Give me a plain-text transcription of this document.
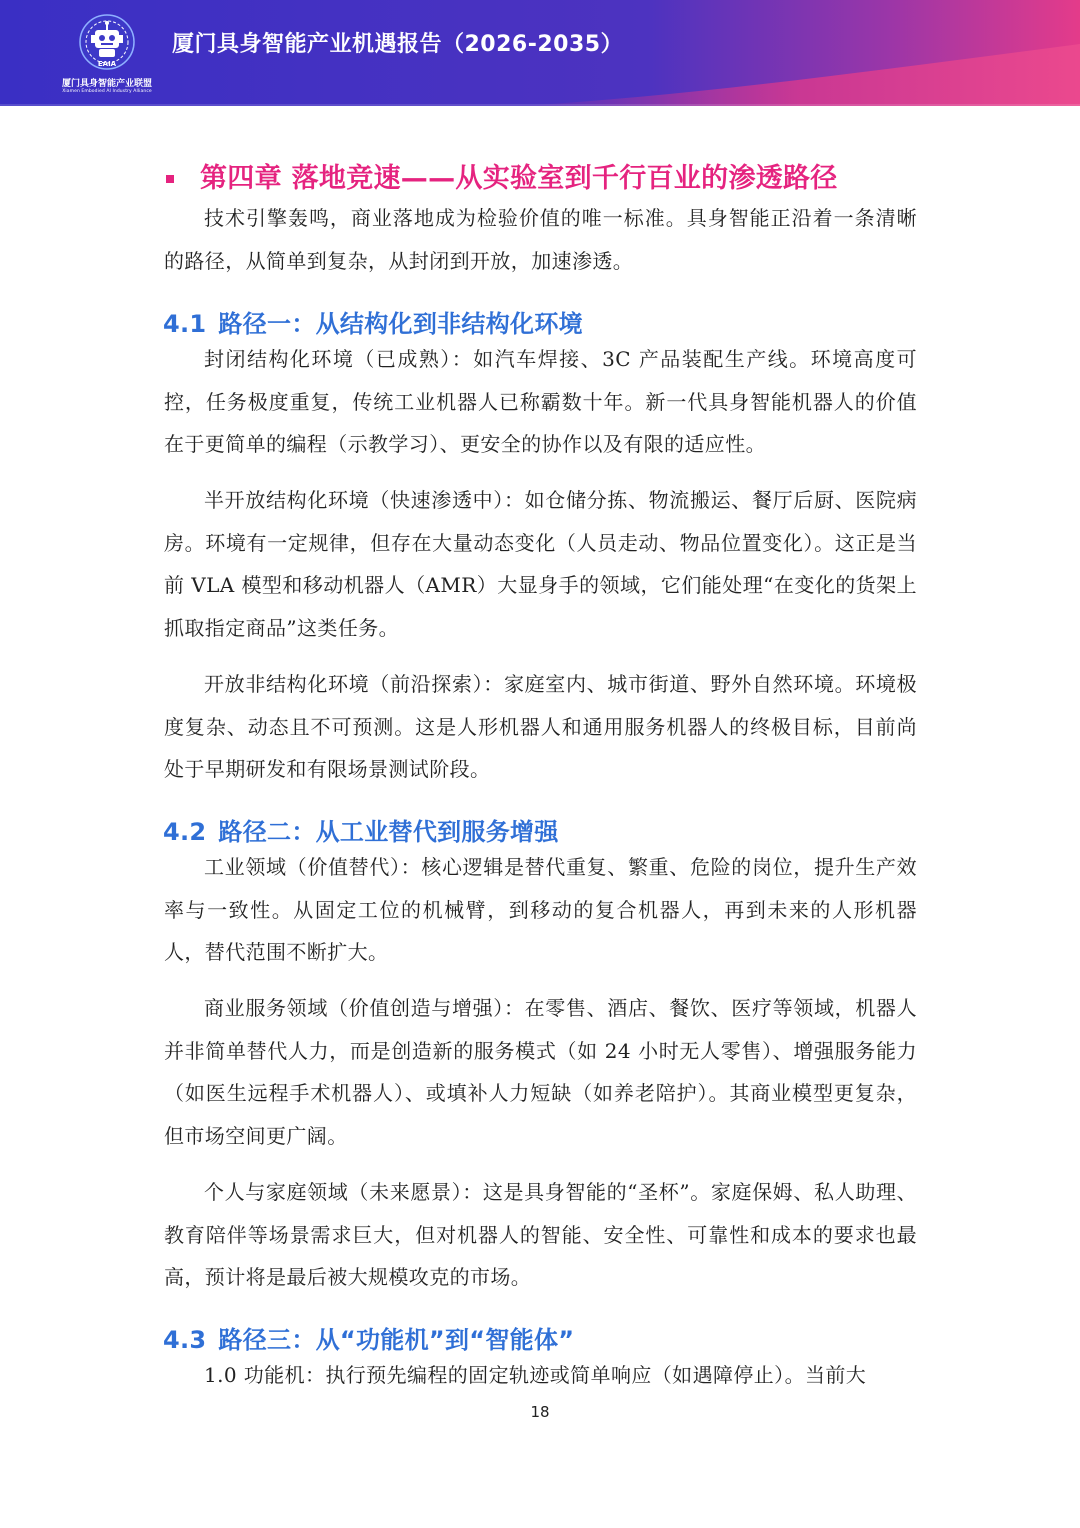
EAIA
厦门具身智能产业联盟
Xiamen Embodied AI Industry Alliance
厦门具身智能产业机遇报告（2026-2035）
第四章 落地竞速——从实验室到千行百业的渗透路径

技术引擎轰鸣，商业落地成为检验价值的唯一标准。具身智能正沿着一条清晰的路径，从简单到复杂，从封闭到开放，加速渗透。

4.1 路径一：从结构化到非结构化环境

封闭结构化环境（已成熟）：如汽车焊接、3C 产品装配生产线。环境高度可控，任务极度重复，传统工业机器人已称霸数十年。新一代具身智能机器人的价值在于更简单的编程（示教学习）、更安全的协作以及有限的适应性。

半开放结构化环境（快速渗透中）：如仓储分拣、物流搬运、餐厅后厨、医院病房。环境有一定规律，但存在大量动态变化（人员走动、物品位置变化）。这正是当前 VLA 模型和移动机器人（AMR）大显身手的领域，它们能处理“在变化的货架上抓取指定商品”这类任务。

开放非结构化环境（前沿探索）：家庭室内、城市街道、野外自然环境。环境极度复杂、动态且不可预测。这是人形机器人和通用服务机器人的终极目标，目前尚处于早期研发和有限场景测试阶段。

4.2 路径二：从工业替代到服务增强

工业领域（价值替代）：核心逻辑是替代重复、繁重、危险的岗位，提升生产效率与一致性。从固定工位的机械臂，到移动的复合机器人，再到未来的人形机器人，替代范围不断扩大。

商业服务领域（价值创造与增强）：在零售、酒店、餐饮、医疗等领域，机器人并非简单替代人力，而是创造新的服务模式（如 24 小时无人零售）、增强服务能力（如医生远程手术机器人）、或填补人力短缺（如养老陪护）。其商业模型更复杂，但市场空间更广阔。

个人与家庭领域（未来愿景）：这是具身智能的“圣杯”。家庭保姆、私人助理、教育陪伴等场景需求巨大，但对机器人的智能、安全性、可靠性和成本的要求也最高，预计将是最后被大规模攻克的市场。

4.3 路径三：从“功能机”到“智能体”

1.0 功能机：执行预先编程的固定轨迹或简单响应（如遇障停止）。当前大

18
